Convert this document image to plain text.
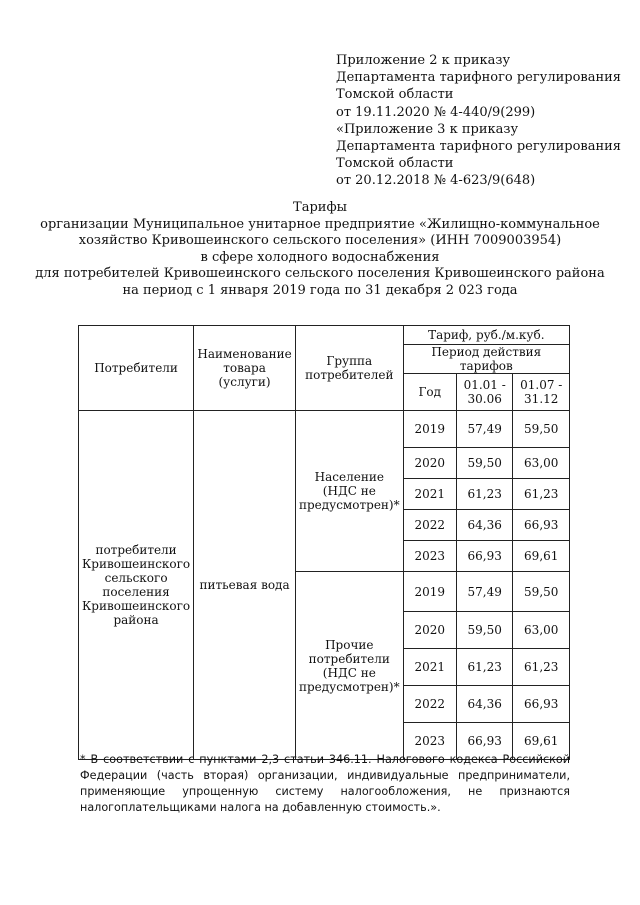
Приложение 2 к приказу
Департамента тарифного регулирования
Томской области
от 19.11.2020 № 4-440/9(299)
«Приложение 3 к приказу
Департамента тарифного регулирования
Томской области
от 20.12.2018 № 4-623/9(648)
Тарифы
организации Муниципальное унитарное предприятие «Жилищно-коммунальное
хозяйство Кривошеинского сельского поселения» (ИНН 7009003954)
в сфере холодного водоснабжения
для потребителей Кривошеинского сельского поселения Кривошеинского района
на период с 1 января 2019 года по 31 декабря 2 023 года
Потребители	Наименование товара (услуги)	Группа потребителей	Тариф, руб./м.куб.		
			Период действия тарифов		
			Год	01.01 - 30.06	01.07 - 31.12
потребители Кривошеинского сельского поселения Кривошеинского района	питьевая вода	Население (НДС не предусмотрен)*	2019	57,49	59,50
			2020	59,50	63,00
			2021	61,23	61,23
			2022	64,36	66,93
			2023	66,93	69,61
		Прочие потребители (НДС не предусмотрен)*	2019	57,49	59,50
			2020	59,50	63,00
			2021	61,23	61,23
			2022	64,36	66,93
			2023	66,93	69,61
* В соответствии с пунктами 2,3 статьи 346.11. Налогового кодекса Российской
Федерации (часть вторая) организации, индивидуальные предприниматели,
применяющие упрощенную систему налогообложения, не признаются
налогоплательщиками налога на добавленную стоимость.».
